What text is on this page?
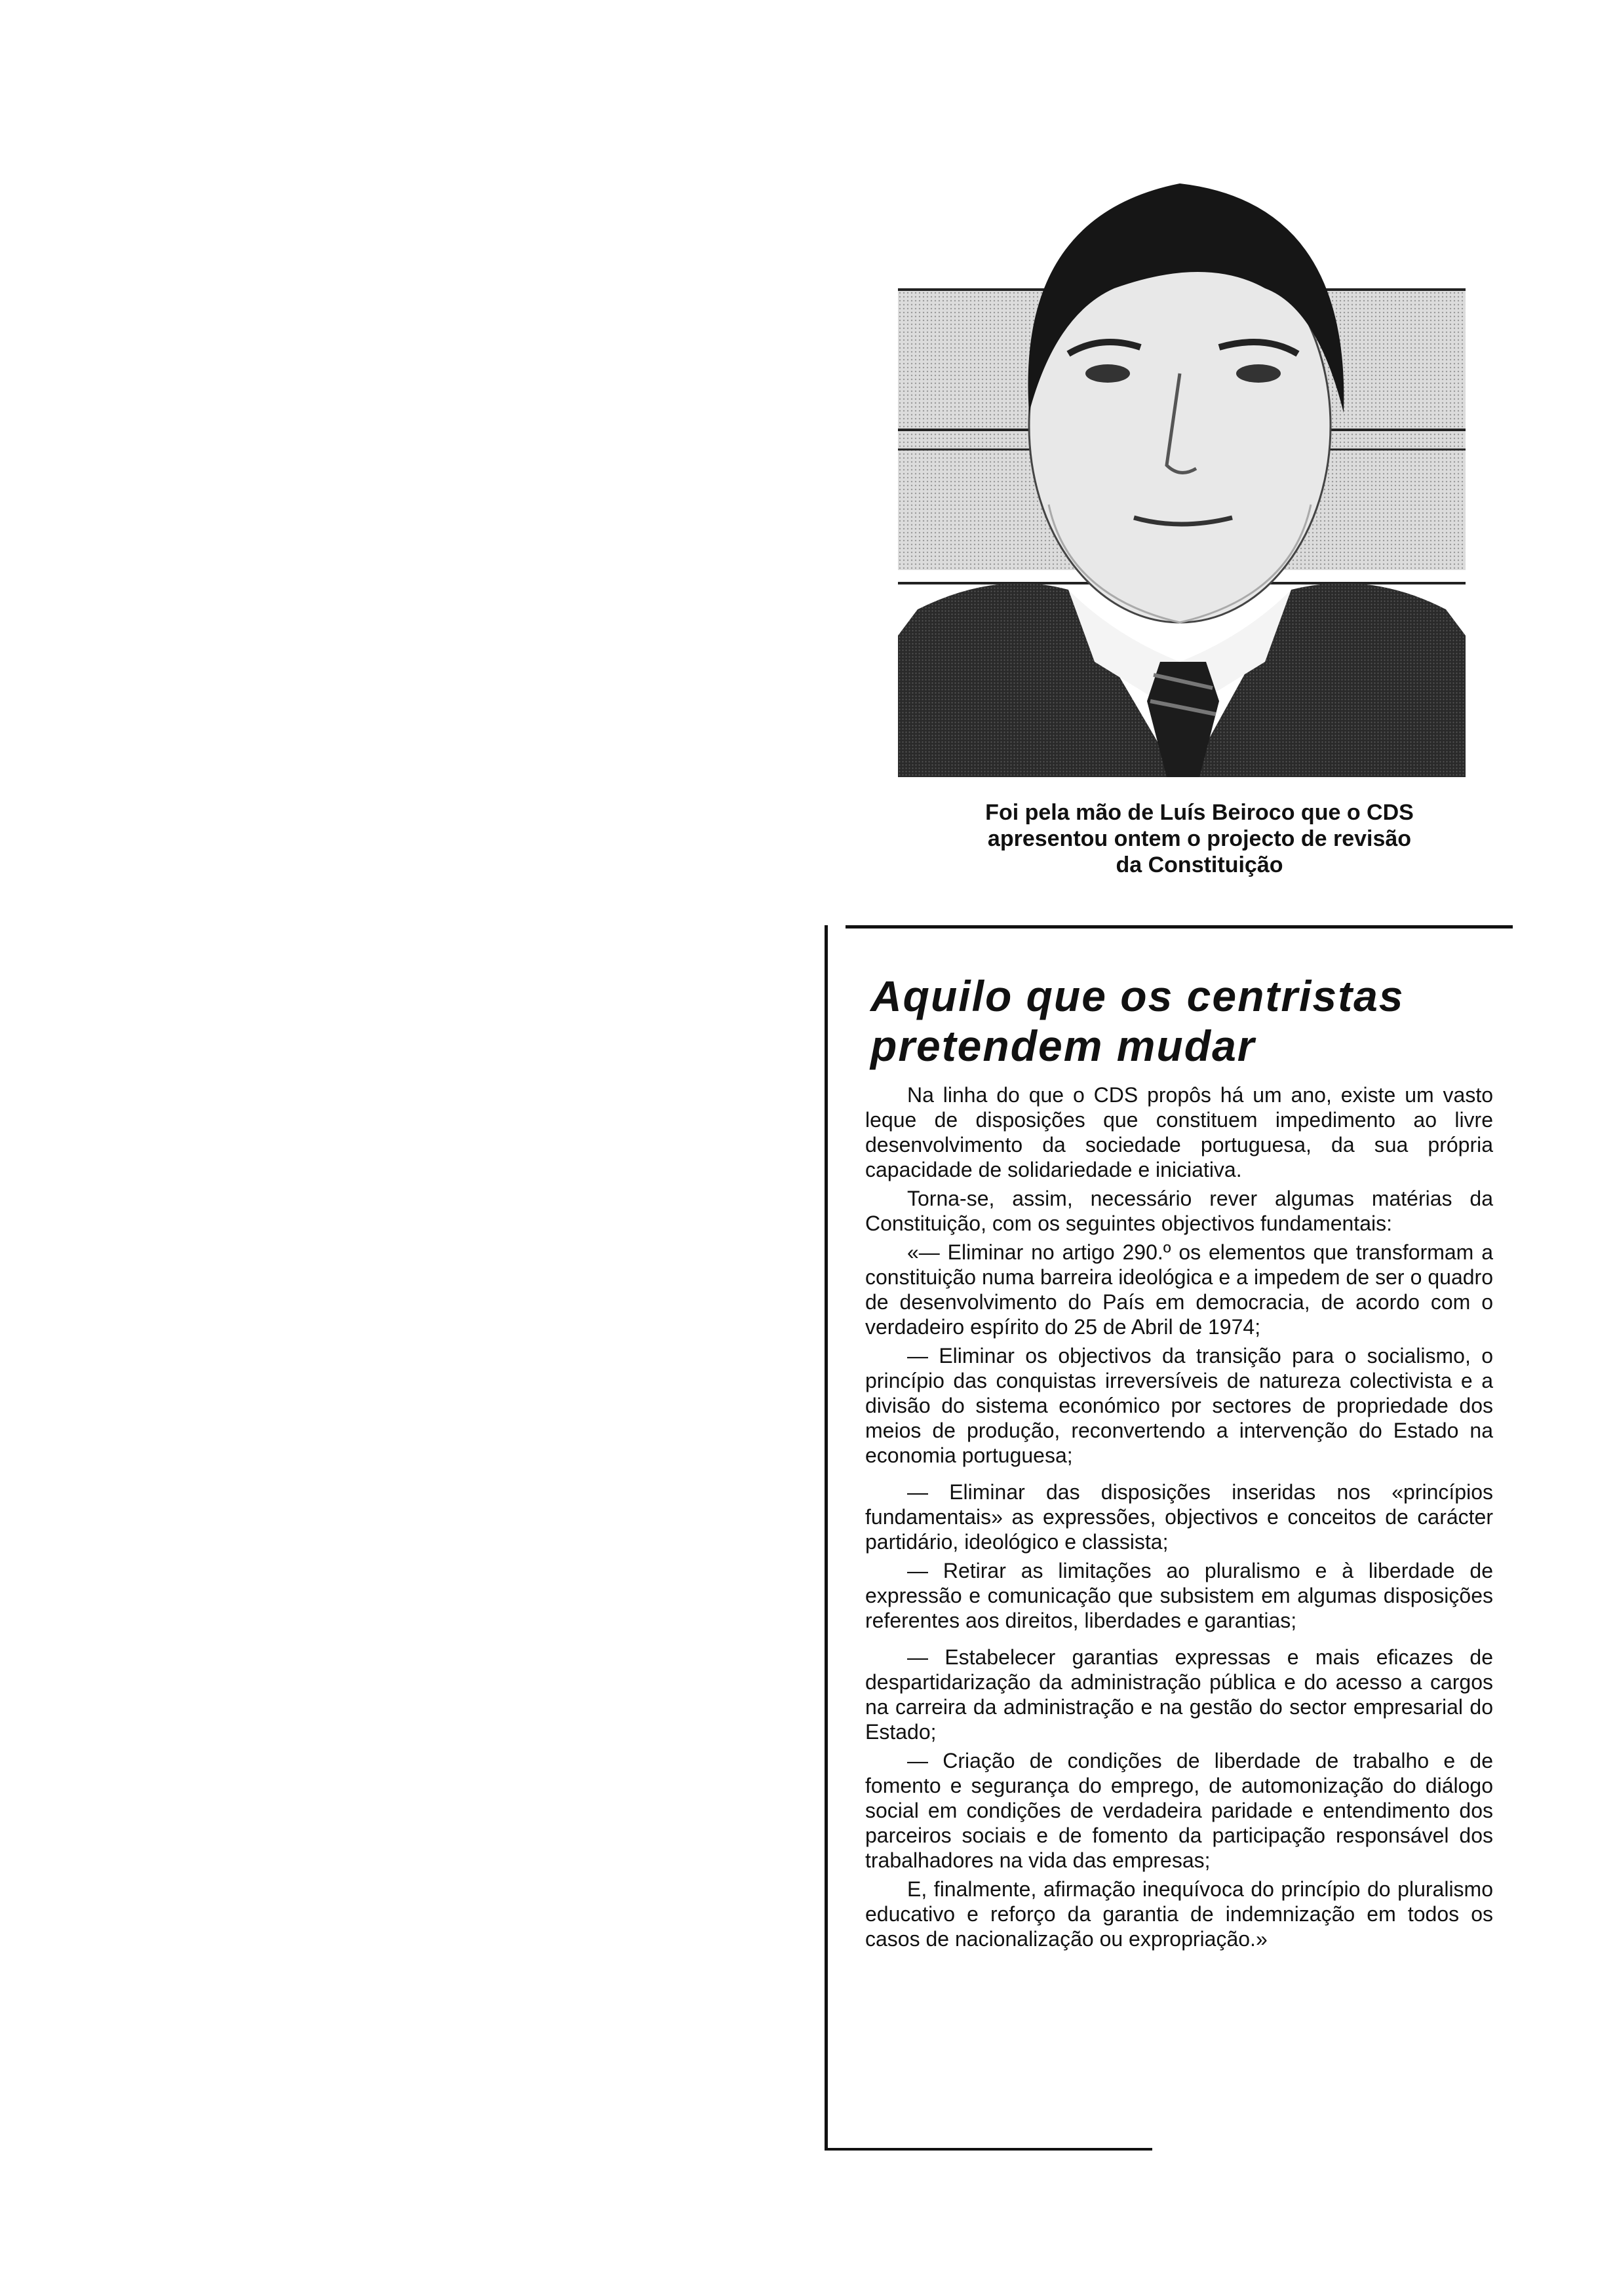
Foi pela mão de Luís Beiroco que o CDS
apresentou ontem o projecto de revisão
da Constituição

Aquilo que os centristas
pretendem mudar

Na linha do que o CDS propôs há um ano, existe um vasto leque de disposições que constituem impedimento ao livre desenvolvimento da sociedade portuguesa, da sua própria capacidade de solidariedade e iniciativa.

Torna-se, assim, necessário rever algumas matérias da Constituição, com os seguintes objectivos fundamentais:

«— Eliminar no artigo 290.º os elementos que transformam a constituição numa barreira ideológica e a impedem de ser o quadro de desenvolvimento do País em democracia, de acordo com o verdadeiro espírito do 25 de Abril de 1974;

— Eliminar os objectivos da transição para o socialismo, o princípio das conquistas irreversíveis de natureza colectivista e a divisão do sistema económico por sectores de propriedade dos meios de produção, reconvertendo a intervenção do Estado na economia portuguesa;

— Eliminar das disposições inseridas nos «princípios fundamentais» as expressões, objectivos e conceitos de carácter partidário, ideológico e classista;

— Retirar as limitações ao pluralismo e à liberdade de expressão e comunicação que subsistem em algumas disposições referentes aos direitos, liberdades e garantias;

— Estabelecer garantias expressas e mais eficazes de despartidarização da administração pública e do acesso a cargos na carreira da administração e na gestão do sector empresarial do Estado;

— Criação de condições de liberdade de trabalho e de fomento e segurança do emprego, de automonização do diálogo social em condições de verdadeira paridade e entendimento dos parceiros sociais e de fomento da participação responsável dos trabalhadores na vida das empresas;

E, finalmente, afirmação inequívoca do princípio do pluralismo educativo e reforço da garantia de indemnização em todos os casos de nacionalização ou expropriação.»
